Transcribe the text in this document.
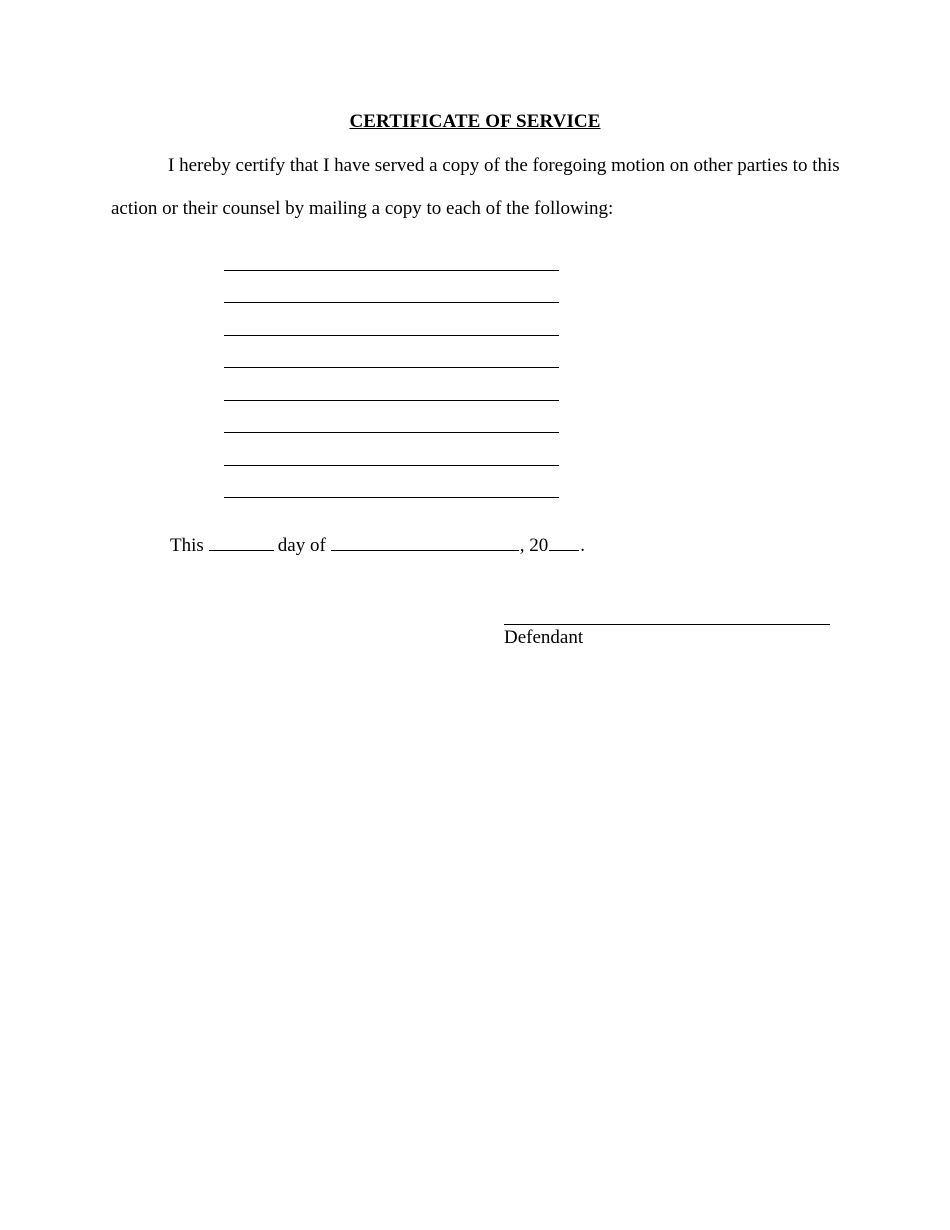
CERTIFICATE OF SERVICE
I hereby certify that I have served a copy of the foregoing motion on other parties to this
action or their counsel by mailing a copy to each of the following:
This	day of	, 20 .
Defendant
